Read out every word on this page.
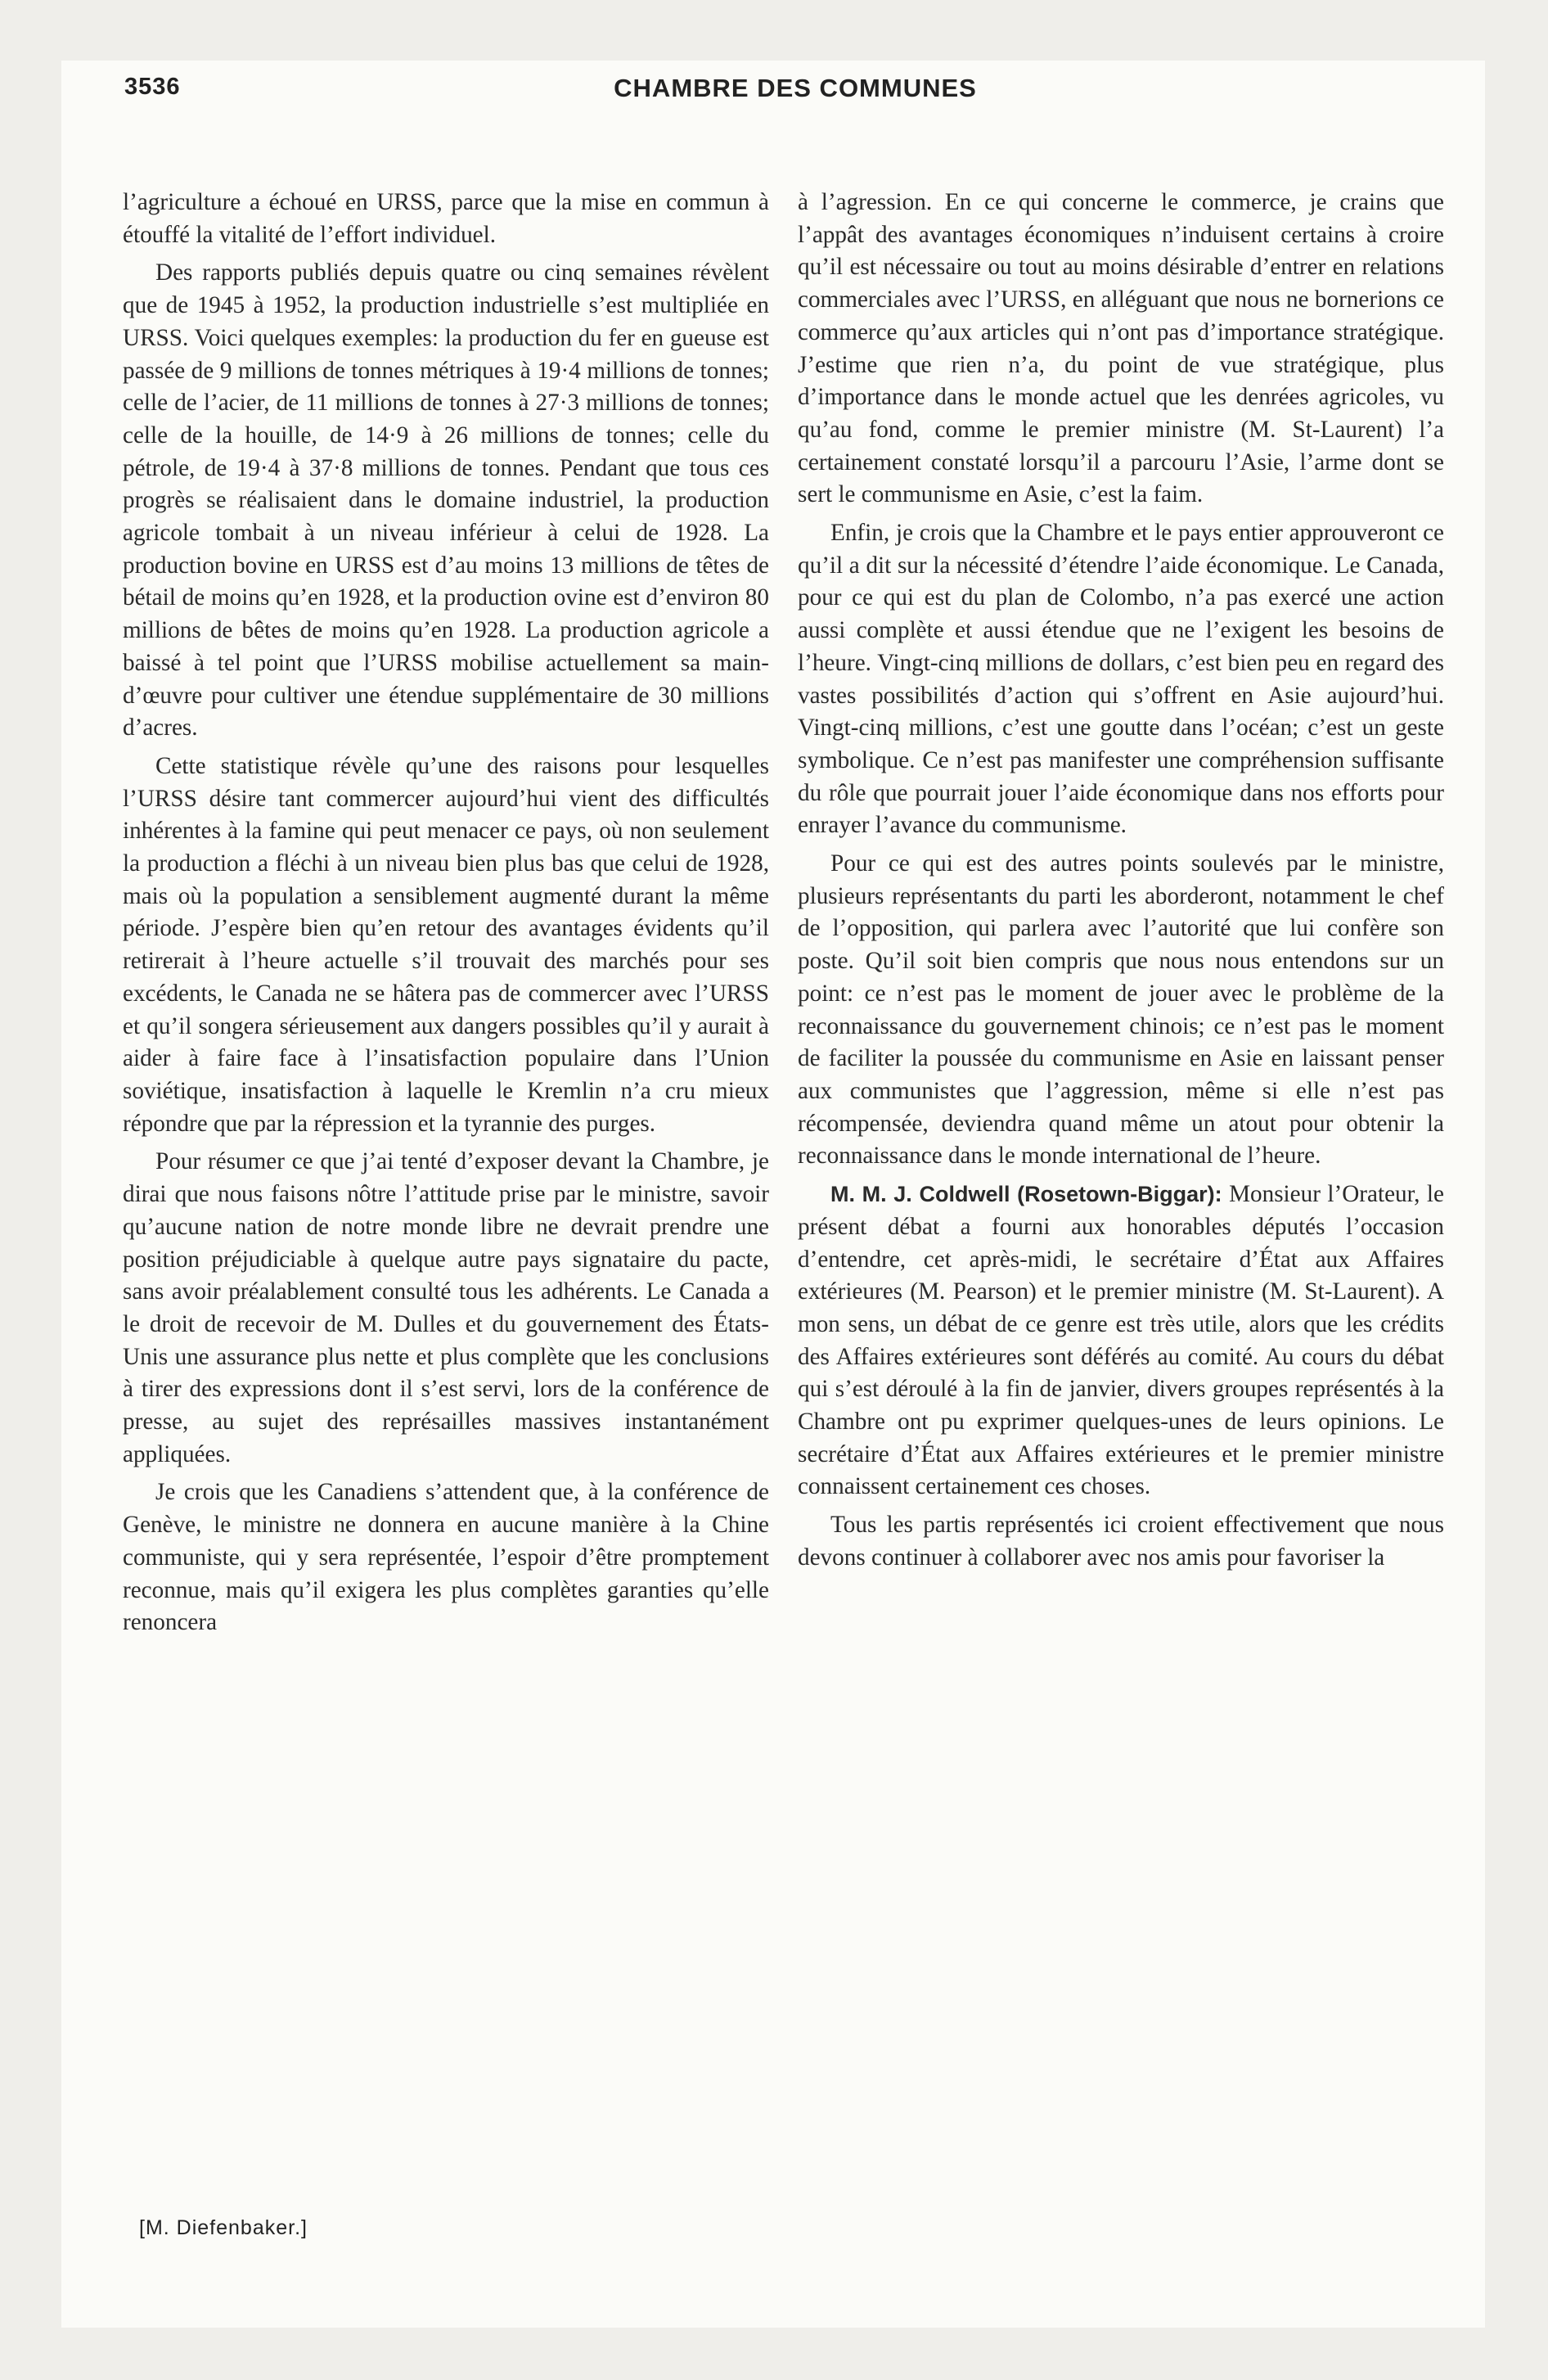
3536	CHAMBRE DES COMMUNES

l’agriculture a échoué en URSS, parce que la mise en commun à étouffé la vitalité de l’effort individuel.

Des rapports publiés depuis quatre ou cinq semaines révèlent que de 1945 à 1952, la production industrielle s’est multipliée en URSS. Voici quelques exemples: la production du fer en gueuse est passée de 9 millions de tonnes métriques à 19·4 millions de tonnes; celle de l’acier, de 11 millions de tonnes à 27·3 millions de tonnes; celle de la houille, de 14·9 à 26 millions de tonnes; celle du pétrole, de 19·4 à 37·8 millions de tonnes. Pendant que tous ces progrès se réalisaient dans le domaine industriel, la production agricole tombait à un niveau inférieur à celui de 1928. La production bovine en URSS est d’au moins 13 millions de têtes de bétail de moins qu’en 1928, et la production ovine est d’environ 80 millions de bêtes de moins qu’en 1928. La production agricole a baissé à tel point que l’URSS mobilise actuellement sa main-d’œuvre pour cultiver une étendue supplémentaire de 30 millions d’acres.

Cette statistique révèle qu’une des raisons pour lesquelles l’URSS désire tant commercer aujourd’hui vient des difficultés inhérentes à la famine qui peut menacer ce pays, où non seulement la production a fléchi à un niveau bien plus bas que celui de 1928, mais où la population a sensiblement augmenté durant la même période. J’espère bien qu’en retour des avantages évidents qu’il retirerait à l’heure actuelle s’il trouvait des marchés pour ses excédents, le Canada ne se hâtera pas de commercer avec l’URSS et qu’il songera sérieusement aux dangers possibles qu’il y aurait à aider à faire face à l’insatisfaction populaire dans l’Union soviétique, insatisfaction à laquelle le Kremlin n’a cru mieux répondre que par la répression et la tyrannie des purges.

Pour résumer ce que j’ai tenté d’exposer devant la Chambre, je dirai que nous faisons nôtre l’attitude prise par le ministre, savoir qu’aucune nation de notre monde libre ne devrait prendre une position préjudiciable à quelque autre pays signataire du pacte, sans avoir préalablement consulté tous les adhérents. Le Canada a le droit de recevoir de M. Dulles et du gouvernement des États-Unis une assurance plus nette et plus complète que les conclusions à tirer des expressions dont il s’est servi, lors de la conférence de presse, au sujet des représailles massives instantanément appliquées.

Je crois que les Canadiens s’attendent que, à la conférence de Genève, le ministre ne donnera en aucune manière à la Chine communiste, qui y sera représentée, l’espoir d’être promptement reconnue, mais qu’il exigera les plus complètes garanties qu’elle renoncera

à l’agression. En ce qui concerne le commerce, je crains que l’appât des avantages économiques n’induisent certains à croire qu’il est nécessaire ou tout au moins désirable d’entrer en relations commerciales avec l’URSS, en alléguant que nous ne bornerions ce commerce qu’aux articles qui n’ont pas d’importance stratégique. J’estime que rien n’a, du point de vue stratégique, plus d’importance dans le monde actuel que les denrées agricoles, vu qu’au fond, comme le premier ministre (M. St-Laurent) l’a certainement constaté lorsqu’il a parcouru l’Asie, l’arme dont se sert le communisme en Asie, c’est la faim.

Enfin, je crois que la Chambre et le pays entier approuveront ce qu’il a dit sur la nécessité d’étendre l’aide économique. Le Canada, pour ce qui est du plan de Colombo, n’a pas exercé une action aussi complète et aussi étendue que ne l’exigent les besoins de l’heure. Vingt-cinq millions de dollars, c’est bien peu en regard des vastes possibilités d’action qui s’offrent en Asie aujourd’hui. Vingt-cinq millions, c’est une goutte dans l’océan; c’est un geste symbolique. Ce n’est pas manifester une compréhension suffisante du rôle que pourrait jouer l’aide économique dans nos efforts pour enrayer l’avance du communisme.

Pour ce qui est des autres points soulevés par le ministre, plusieurs représentants du parti les aborderont, notamment le chef de l’opposition, qui parlera avec l’autorité que lui confère son poste. Qu’il soit bien compris que nous nous entendons sur un point: ce n’est pas le moment de jouer avec le problème de la reconnaissance du gouvernement chinois; ce n’est pas le moment de faciliter la poussée du communisme en Asie en laissant penser aux communistes que l’aggression, même si elle n’est pas récompensée, deviendra quand même un atout pour obtenir la reconnaissance dans le monde international de l’heure.

M. M. J. Coldwell (Rosetown-Biggar): Monsieur l’Orateur, le présent débat a fourni aux honorables députés l’occasion d’entendre, cet après-midi, le secrétaire d’État aux Affaires extérieures (M. Pearson) et le premier ministre (M. St-Laurent). A mon sens, un débat de ce genre est très utile, alors que les crédits des Affaires extérieures sont déférés au comité. Au cours du débat qui s’est déroulé à la fin de janvier, divers groupes représentés à la Chambre ont pu exprimer quelques-unes de leurs opinions. Le secrétaire d’État aux Affaires extérieures et le premier ministre connaissent certainement ces choses.

Tous les partis représentés ici croient effectivement que nous devons continuer à collaborer avec nos amis pour favoriser la

[M. Diefenbaker.]
